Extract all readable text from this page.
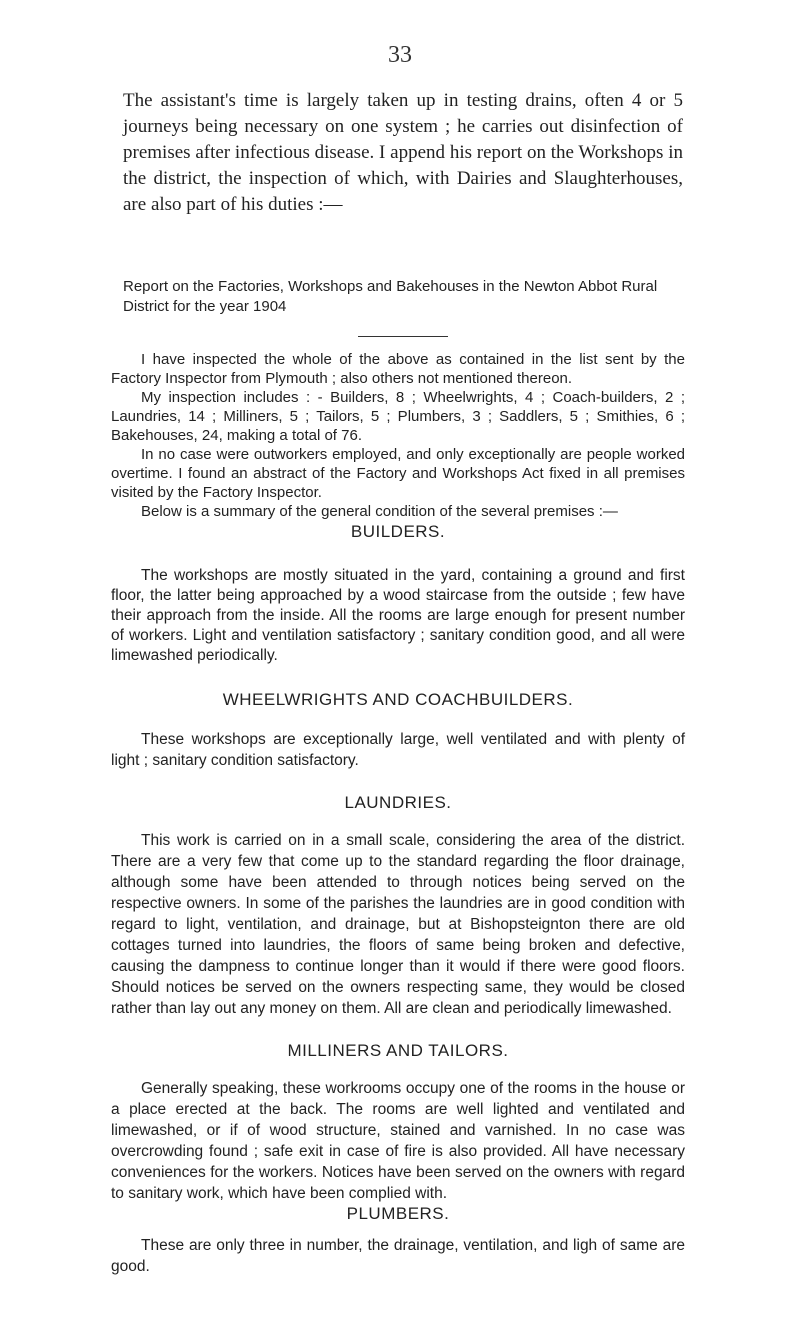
33
The assistant's time is largely taken up in testing drains, often 4 or 5 journeys being necessary on one system ; he carries out disinfection of premises after infectious disease. I append his report on the Workshops in the district, the inspection of which, with Dairies and Slaughterhouses, are also part of his duties :—
Report on the Factories, Workshops and Bakehouses in the Newton Abbot Rural District for the year 1904

I have inspected the whole of the above as contained in the list sent by the Factory Inspector from Plymouth ; also others not mentioned thereon.

My inspection includes : - Builders, 8 ; Wheelwrights, 4 ; Coach-builders, 2 ; Laundries, 14 ; Milliners, 5 ; Tailors, 5 ; Plumbers, 3 ; Saddlers, 5 ; Smithies, 6 ; Bakehouses, 24, making a total of 76.

In no case were outworkers employed, and only exceptionally are people worked overtime. I found an abstract of the Factory and Workshops Act fixed in all premises visited by the Factory Inspector.

Below is a summary of the general condition of the several premises :—

BUILDERS.

The workshops are mostly situated in the yard, containing a ground and first floor, the latter being approached by a wood staircase from the outside ; few have their approach from the inside. All the rooms are large enough for present number of workers. Light and ventilation satisfactory ; sanitary condition good, and all were limewashed periodically.

WHEELWRIGHTS AND COACHBUILDERS.

These workshops are exceptionally large, well ventilated and with plenty of light ; sanitary condition satisfactory.

LAUNDRIES.

This work is carried on in a small scale, considering the area of the district. There are a very few that come up to the standard regarding the floor drainage, although some have been attended to through notices being served on the respective owners. In some of the parishes the laundries are in good condition with regard to light, ventilation, and drainage, but at Bishopsteignton there are old cottages turned into laundries, the floors of same being broken and defective, causing the dampness to continue longer than it would if there were good floors. Should notices be served on the owners respecting same, they would be closed rather than lay out any money on them. All are clean and periodically limewashed.

MILLINERS AND TAILORS.

Generally speaking, these workrooms occupy one of the rooms in the house or a place erected at the back. The rooms are well lighted and ventilated and limewashed, or if of wood structure, stained and varnished. In no case was overcrowding found ; safe exit in case of fire is also provided. All have necessary conveniences for the workers. Notices have been served on the owners with regard to sanitary work, which have been complied with.

PLUMBERS.

These are only three in number, the drainage, ventilation, and ligh of same are good.
